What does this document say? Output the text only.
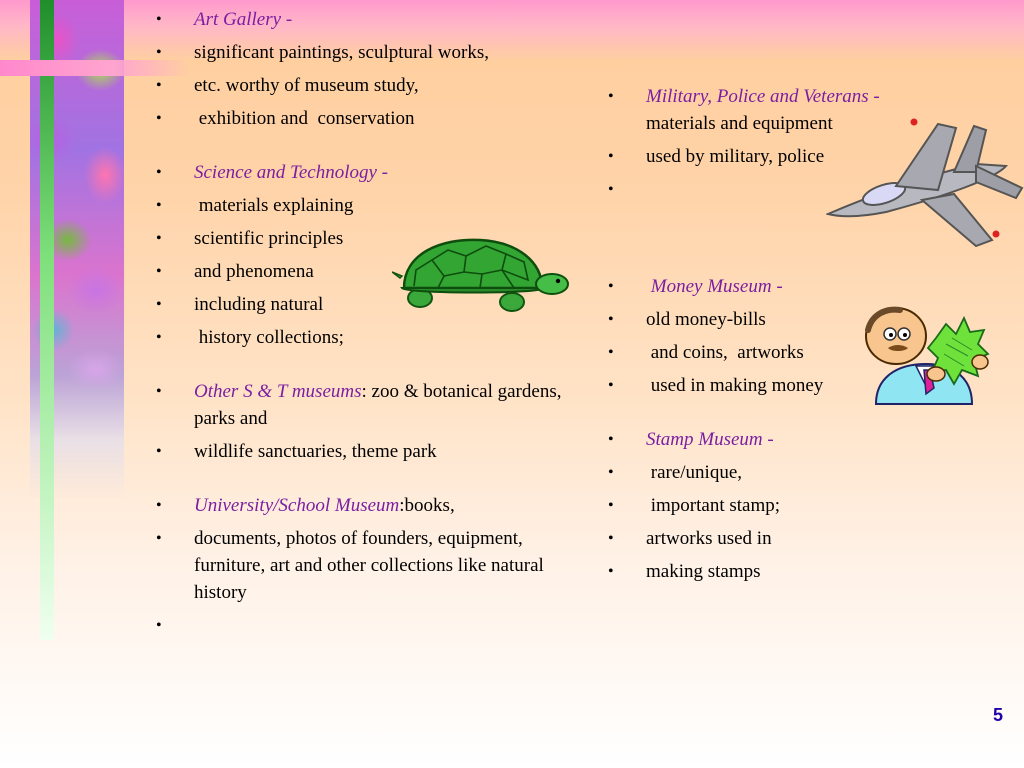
• Art Gallery -
• significant paintings, sculptural works,
• etc. worthy of museum study,
•  exhibition and  conservation
• Science and Technology -
•  materials explaining
• scientific principles
• and phenomena
• including natural
•  history collections;
• Other S & T museums: zoo & botanical gardens, parks and
• wildlife sanctuaries, theme park
• University/School Museum:books,
• documents, photos of founders, equipment, furniture, art and other collections like natural history
•
• Military, Police and Veterans -
materials and equipment
• used by military, police
•
•  Money Museum -
• old money-bills
•  and coins,  artworks
•  used in making money
• Stamp Museum -
•  rare/unique,
•  important stamp;
• artworks used in
• making stamps
5
